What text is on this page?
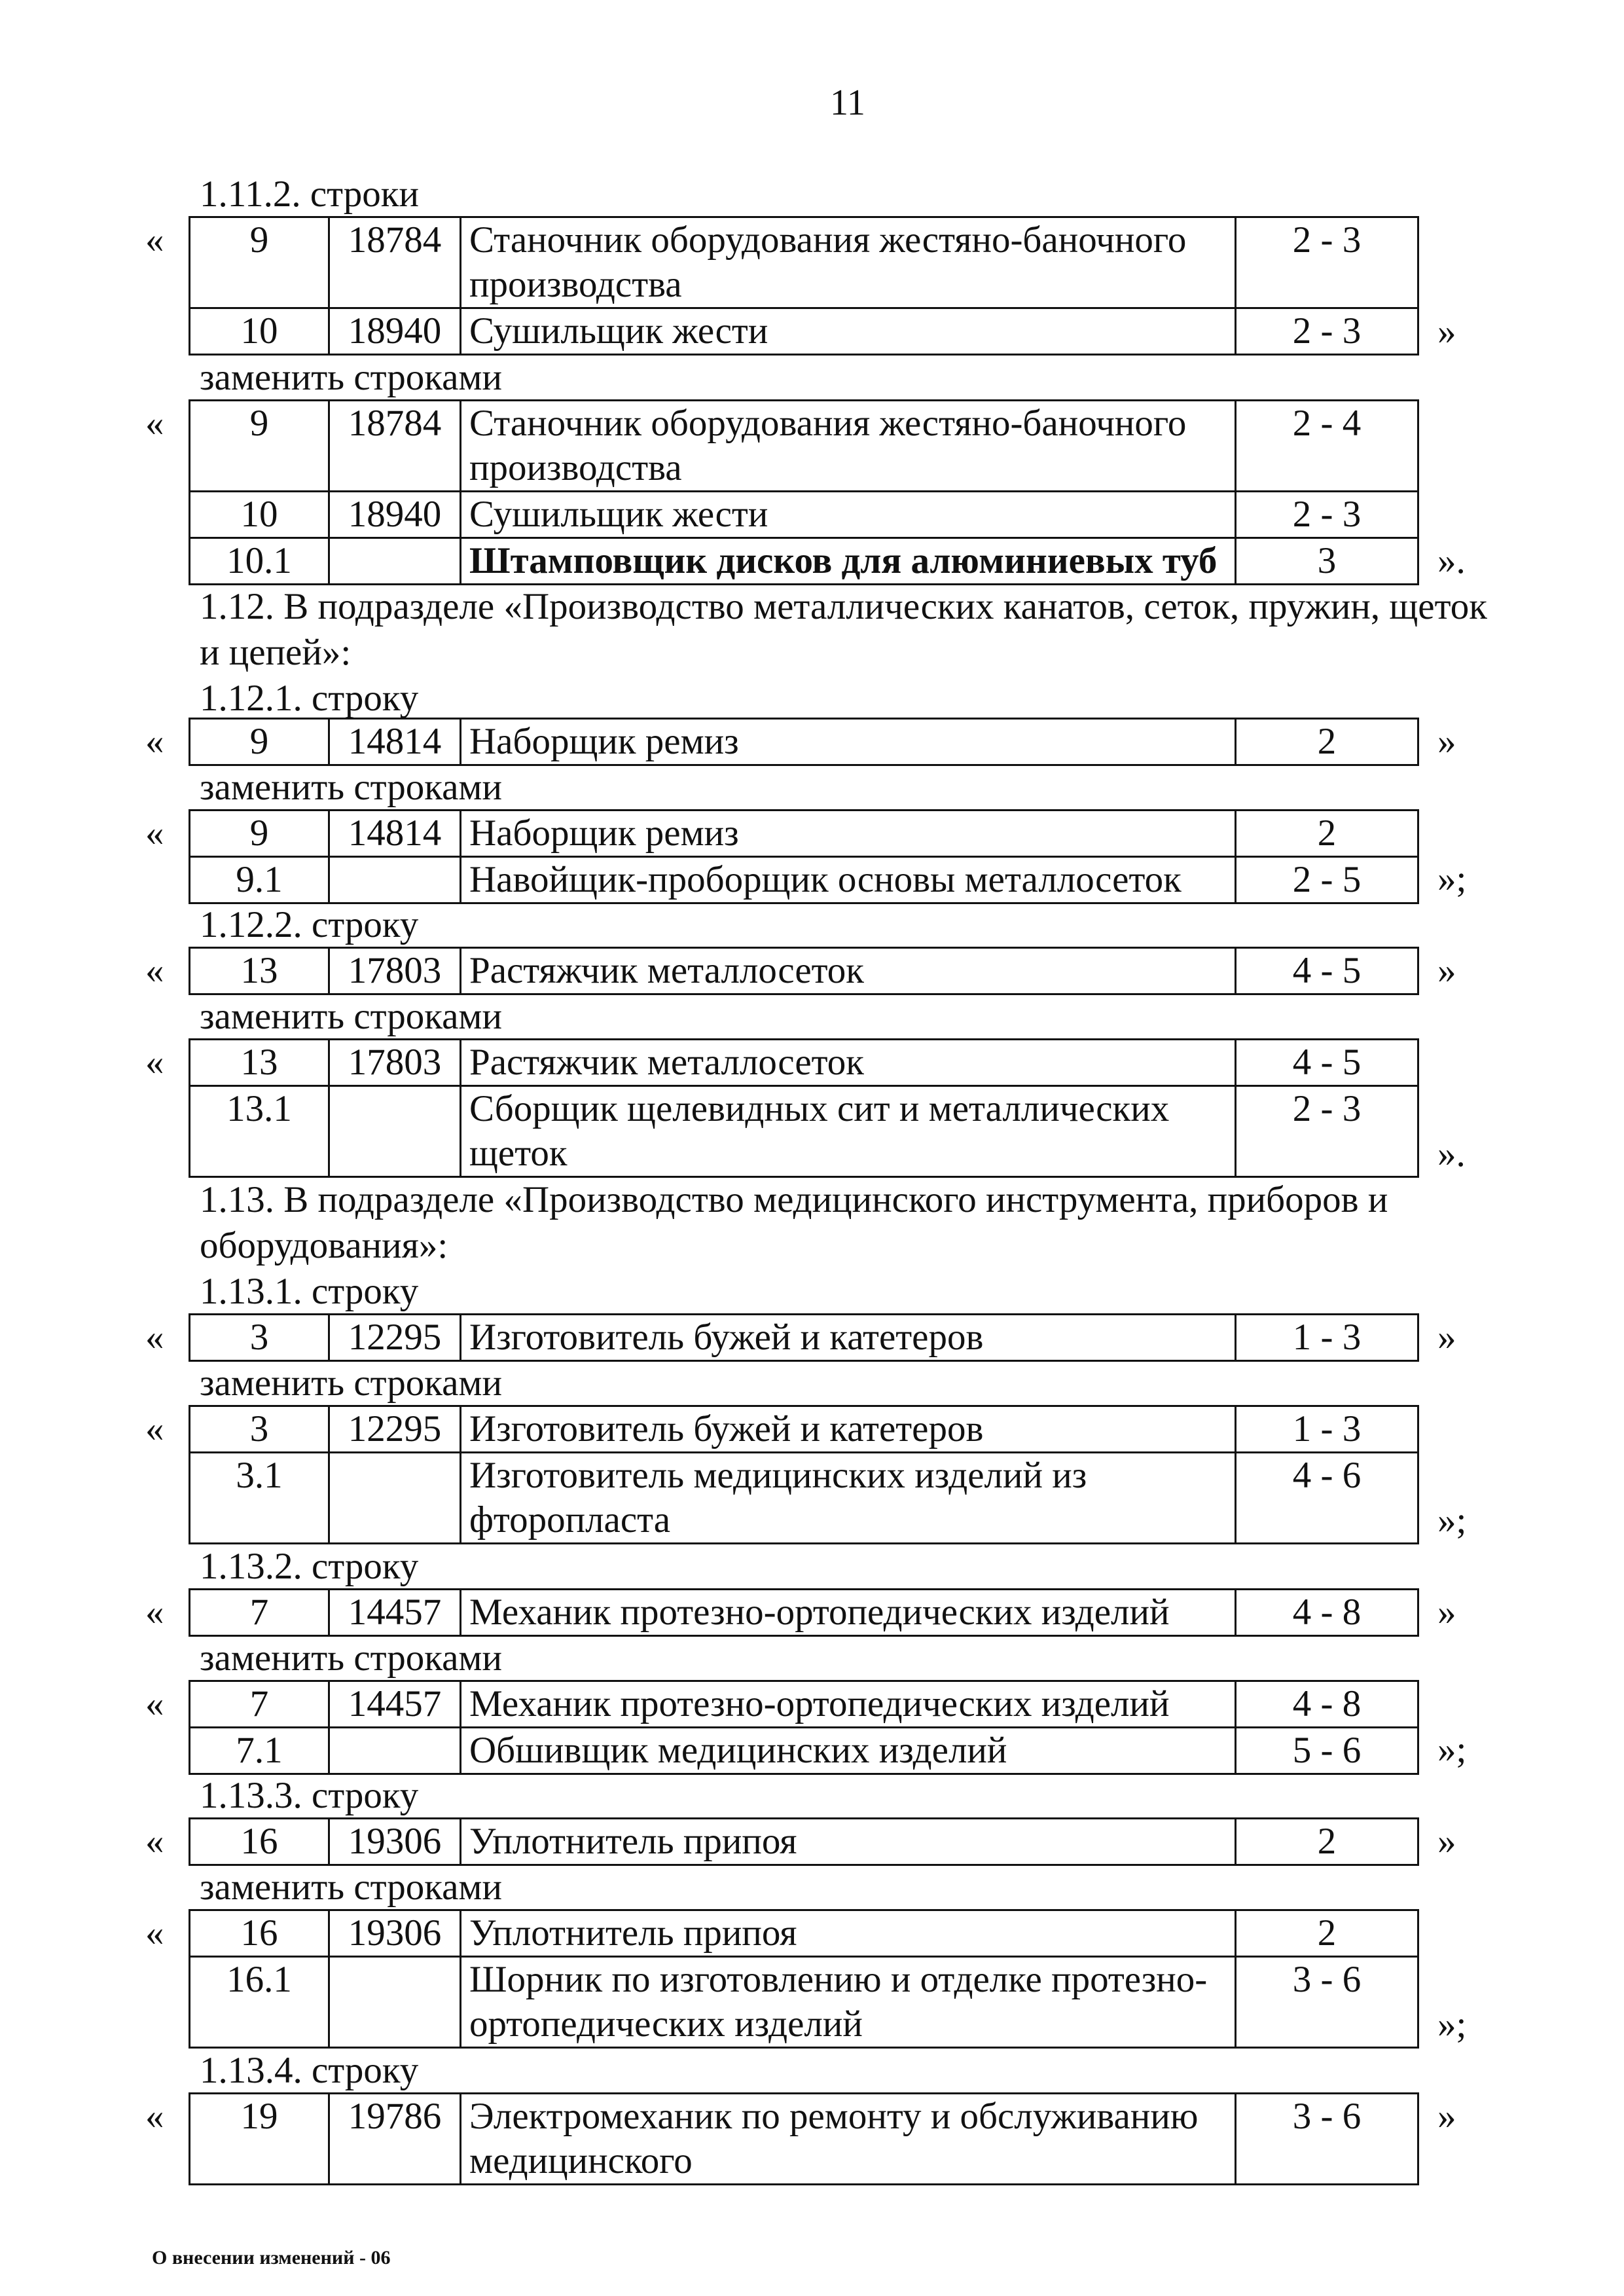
11
1.11.2. строки
« 9	18784	Станочник оборудования жестяно-баночного производства	2 - 3
10	18940	Сушильщик жести	2 - 3 »
заменить строками
« 9	18784	Станочник оборудования жестяно-баночного производства	2 - 4
10	18940	Сушильщик жести	2 - 3
10.1		Штамповщик дисков для алюминиевых туб	3	».
1.12. В подразделе «Производство металлических канатов, сеток, пружин, щеток
и цепей»:
1.12.1. строку
« 9	14814	Наборщик ремиз	2	»
заменить строками
« 9	14814	Наборщик ремиз	2
9.1		Навойщик-проборщик основы металлосеток	2 - 5 »;
1.12.2. строку
« 13	17803	Растяжчик металлосеток	4 - 5 »
заменить строками
« 13	17803	Растяжчик металлосеток	4 - 5
13.1		Сборщик щелевидных сит и металлических щеток	2 - 3
».
1.13. В подразделе «Производство медицинского инструмента, приборов и
оборудования»:
1.13.1. строку
« 3	12295	Изготовитель бужей и катетеров	1 - 3 »
заменить строками
« 3	12295	Изготовитель бужей и катетеров	1 - 3
3.1		Изготовитель медицинских изделий из фторопласта	4 - 6
»;
1.13.2. строку
« 7	14457	Механик протезно-ортопедических изделий	4 - 8 »
заменить строками
« 7	14457	Механик протезно-ортопедических изделий	4 - 8
7.1		Обшивщик медицинских изделий	5 - 6 »;
1.13.3. строку
« 16	19306	Уплотнитель припоя	2	»
заменить строками
« 16	19306	Уплотнитель припоя	2
16.1		Шорник по изготовлению и отделке протезно-ортопедических изделий	3 - 6
»;
1.13.4. строку
« 19	19786	Электромеханик по ремонту и обслуживанию медицинского	3 - 6 »
О внесении изменений - 06
